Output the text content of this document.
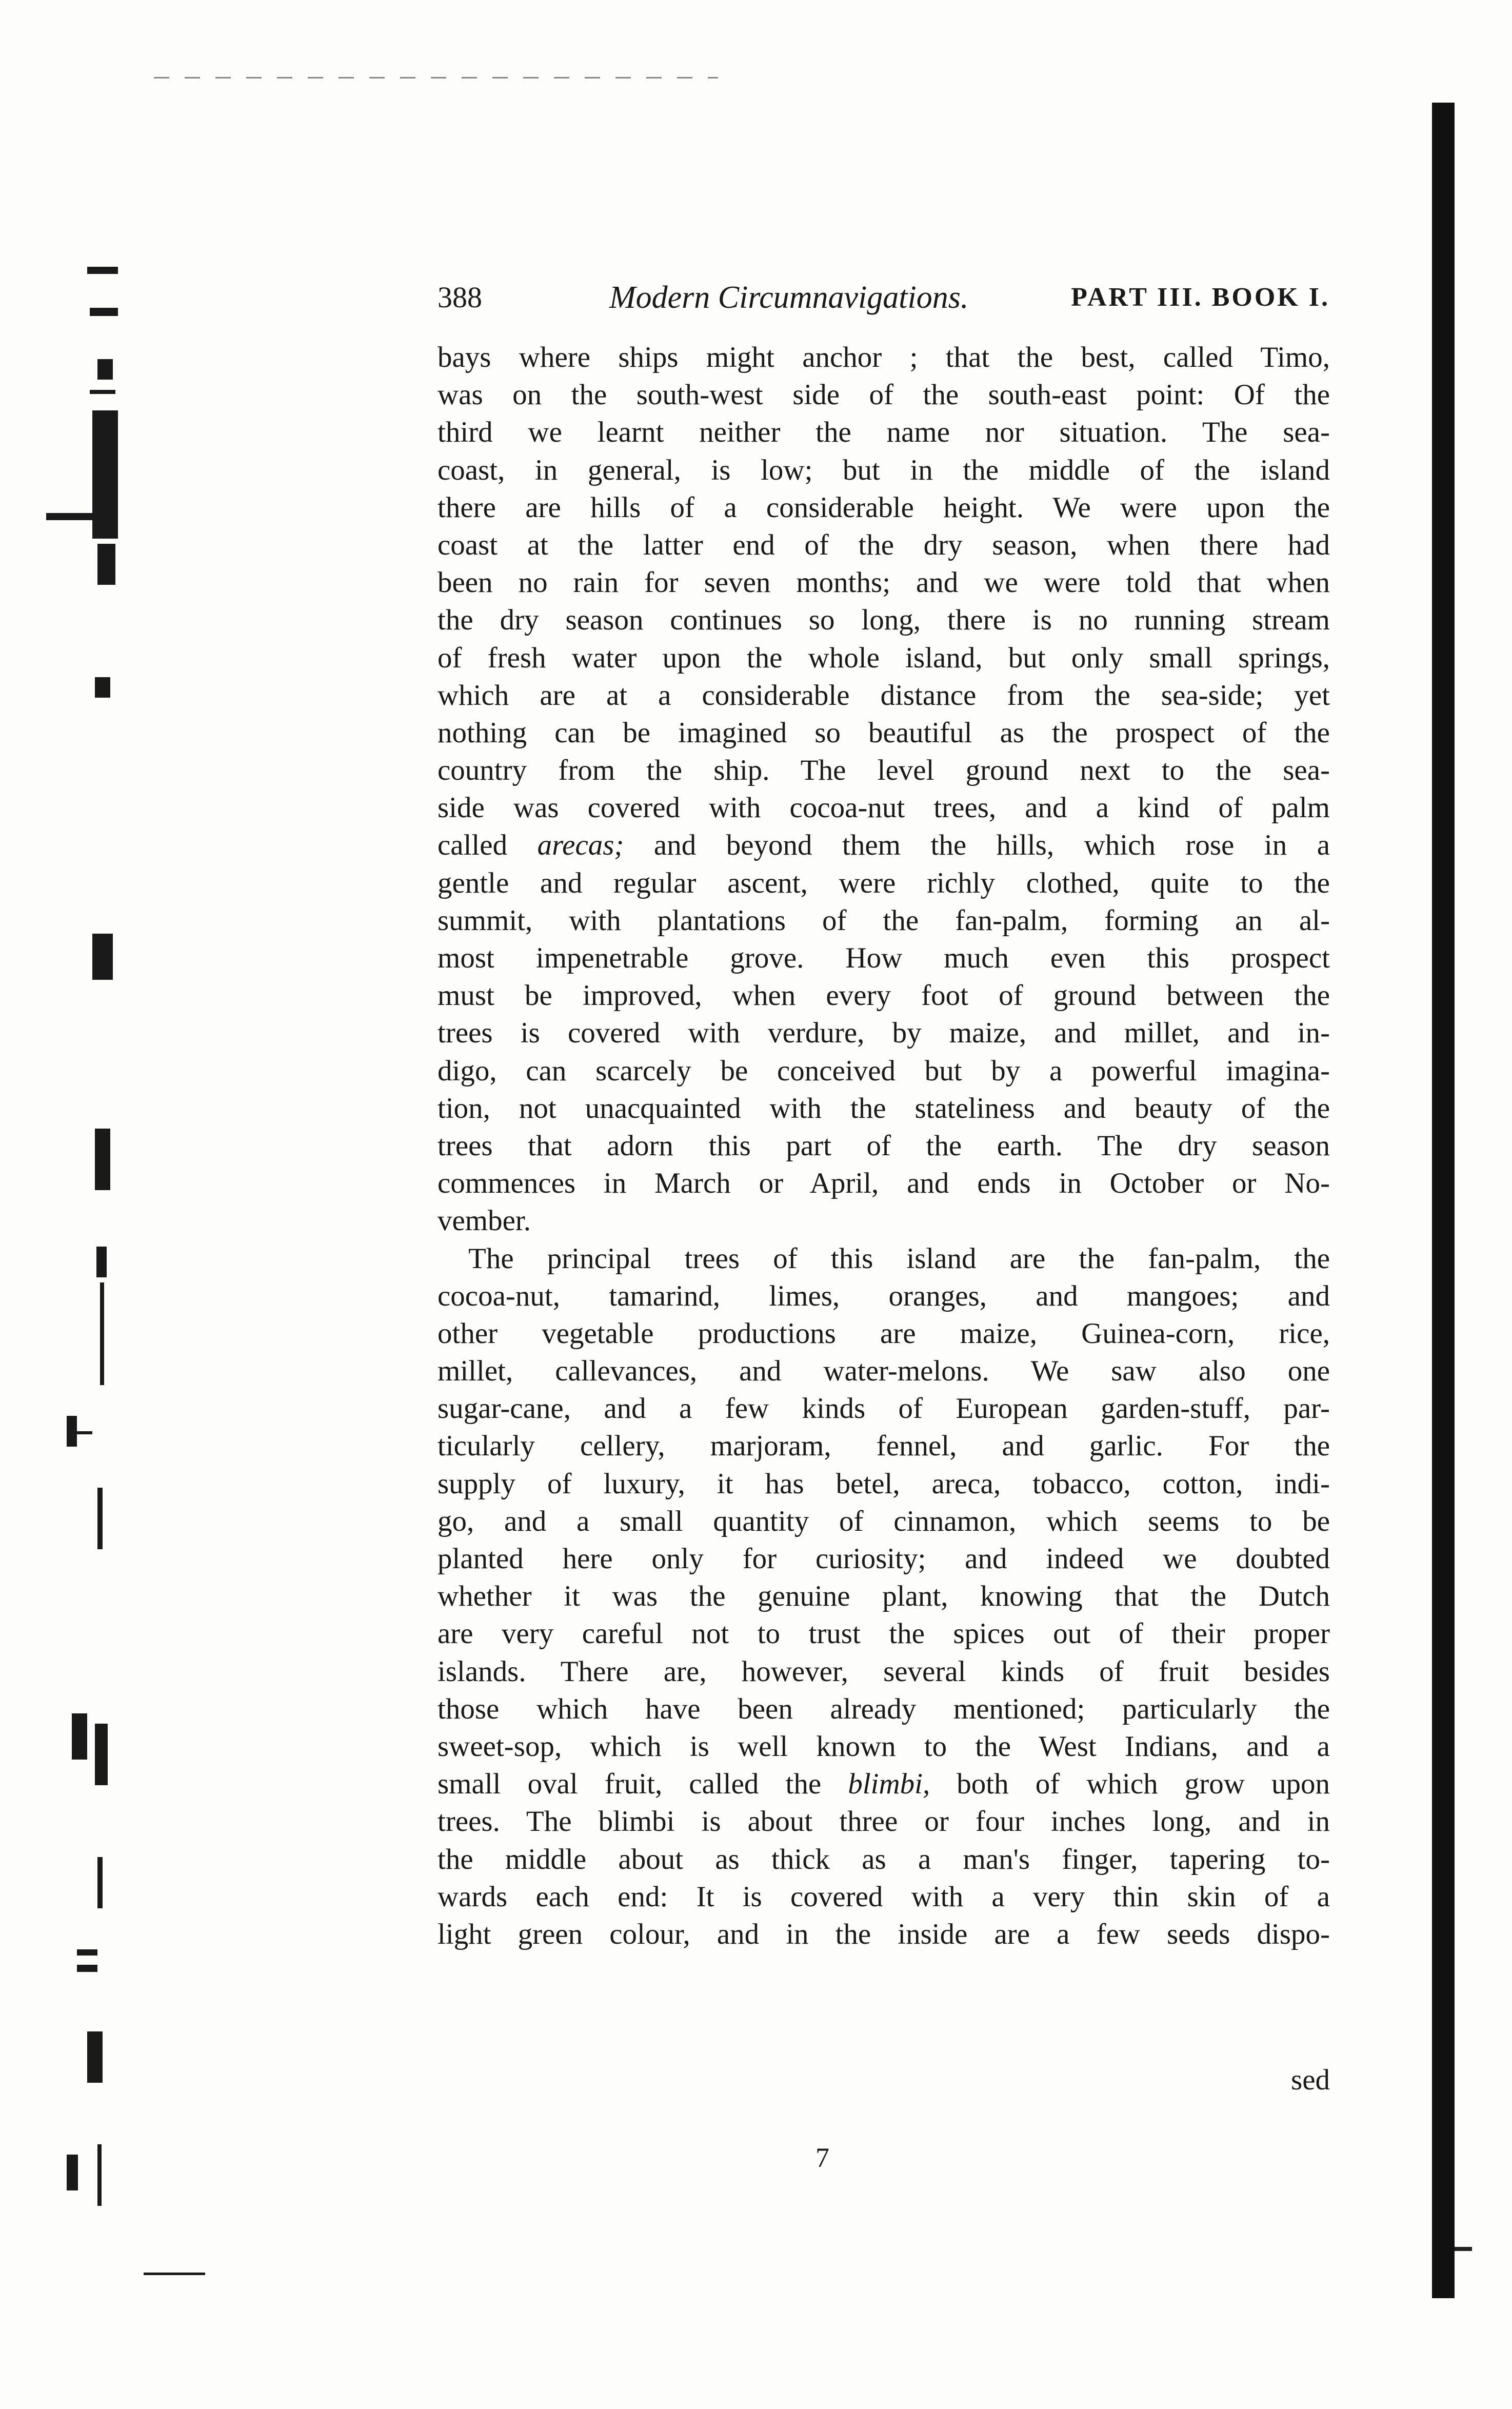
388	Modern Circumnavigations.	PART III. BOOK I.
bays where ships might anchor ; that the best, called Timo,
was on the south-west side of the south-east point: Of the
third we learnt neither the name nor situation. The sea-
coast, in general, is low; but in the middle of the island
there are hills of a considerable height. We were upon the
coast at the latter end of the dry season, when there had
been no rain for seven months; and we were told that when
the dry season continues so long, there is no running stream
of fresh water upon the whole island, but only small springs,
which are at a considerable distance from the sea-side; yet
nothing can be imagined so beautiful as the prospect of the
country from the ship. The level ground next to the sea-
side was covered with cocoa-nut trees, and a kind of palm
called arecas; and beyond them the hills, which rose in a
gentle and regular ascent, were richly clothed, quite to the
summit, with plantations of the fan-palm, forming an al-
most impenetrable grove. How much even this prospect
must be improved, when every foot of ground between the
trees is covered with verdure, by maize, and millet, and in-
digo, can scarcely be conceived but by a powerful imagina-
tion, not unacquainted with the stateliness and beauty of the
trees that adorn this part of the earth. The dry season
commences in March or April, and ends in October or No-
vember.
The principal trees of this island are the fan-palm, the
cocoa-nut, tamarind, limes, oranges, and mangoes; and
other vegetable productions are maize, Guinea-corn, rice,
millet, callevances, and water-melons. We saw also one
sugar-cane, and a few kinds of European garden-stuff, par-
ticularly cellery, marjoram, fennel, and garlic. For the
supply of luxury, it has betel, areca, tobacco, cotton, indi-
go, and a small quantity of cinnamon, which seems to be
planted here only for curiosity; and indeed we doubted
whether it was the genuine plant, knowing that the Dutch
are very careful not to trust the spices out of their proper
islands. There are, however, several kinds of fruit besides
those which have been already mentioned; particularly the
sweet-sop, which is well known to the West Indians, and a
small oval fruit, called the blimbi, both of which grow upon
trees. The blimbi is about three or four inches long, and in
the middle about as thick as a man's finger, tapering to-
wards each end: It is covered with a very thin skin of a
light green colour, and in the inside are a few seeds dispo-
sed
7
